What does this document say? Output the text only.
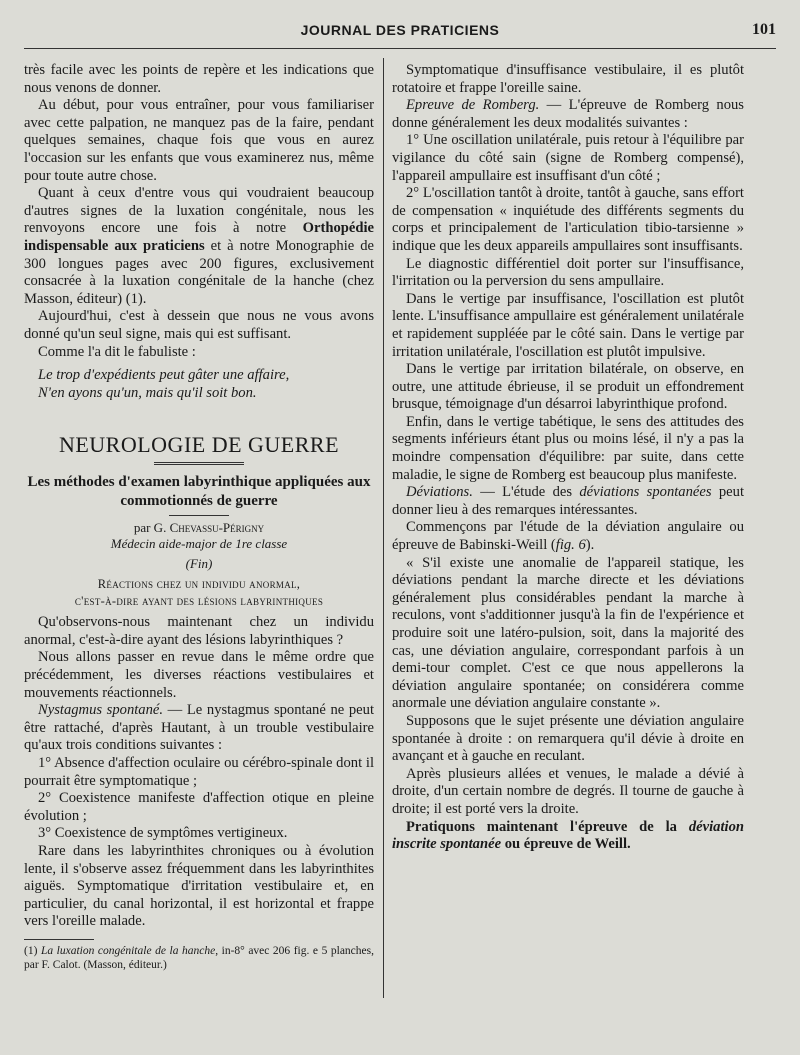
JOURNAL DES PRATICIENS	101

très facile avec les points de repère et les indications que nous venons de donner.

Au début, pour vous entraîner, pour vous familiariser avec cette palpation, ne manquez pas de la faire, pendant quelques semaines, chaque fois que vous en aurez l'occasion sur les enfants que vous examinerez nus, même pour toute autre chose.

Quant à ceux d'entre vous qui voudraient beaucoup d'autres signes de la luxation congénitale, nous les renvoyons encore une fois à notre Orthopédie indispensable aux praticiens et à notre Monographie de 300 longues pages avec 200 figures, exclusivement consacrée à la luxation congénitale de la hanche (chez Masson, éditeur) (1).

Aujourd'hui, c'est à dessein que nous ne vous avons donné qu'un seul signe, mais qui est suffisant.

Comme l'a dit le fabuliste :

Le trop d'expédients peut gâter une affaire,
N'en ayons qu'un, mais qu'il soit bon.
NEUROLOGIE DE GUERRE
Les méthodes d'examen labyrinthique appliquées aux commotionnés de guerre
par G. Chevassu-Périgny
Médecin aide-major de 1re classe
(Fin)
Réactions chez un individu anormal,
c'est-à-dire ayant des lésions labyrinthiques

Qu'observons-nous maintenant chez un individu anormal, c'est-à-dire ayant des lésions labyrinthiques ?

Nous allons passer en revue dans le même ordre que précédemment, les diverses réactions vestibulaires et mouvements réactionnels.

Nystagmus spontané. — Le nystagmus spontané ne peut être rattaché, d'après Hautant, à un trouble vestibulaire qu'aux trois conditions suivantes :

1° Absence d'affection oculaire ou cérébro-spinale dont il pourrait être symptomatique ;

2° Coexistence manifeste d'affection otique en pleine évolution ;

3° Coexistence de symptômes vertigineux.

Rare dans les labyrinthites chroniques ou à évolution lente, il s'observe assez fréquemment dans les labyrinthites aiguës. Symptomatique d'irritation vestibulaire et, en particulier, du canal horizontal, il est horizontal et frappe vers l'oreille malade.

(1) La luxation congénitale de la hanche, in-8° avec 206 fig. e 5 planches, par F. Calot. (Masson, éditeur.)

Symptomatique d'insuffisance vestibulaire, il es plutôt rotatoire et frappe l'oreille saine.

Epreuve de Romberg. — L'épreuve de Romberg nous donne généralement les deux modalités suivantes :

1° Une oscillation unilatérale, puis retour à l'équilibre par vigilance du côté sain (signe de Romberg compensé), l'appareil ampullaire est insuffisant d'un côté ;

2° L'oscillation tantôt à droite, tantôt à gauche, sans effort de compensation « inquiétude des différents segments du corps et principalement de l'articulation tibio-tarsienne » indique que les deux appareils ampullaires sont insuffisants.

Le diagnostic différentiel doit porter sur l'insuffisance, l'irritation ou la perversion du sens ampullaire.

Dans le vertige par insuffisance, l'oscillation est plutôt lente. L'insuffisance ampullaire est généralement unilatérale et rapidement suppléée par le côté sain. Dans le vertige par irritation unilatérale, l'oscillation est plutôt impulsive.

Dans le vertige par irritation bilatérale, on observe, en outre, une attitude ébrieuse, il se produit un effondrement brusque, témoignage d'un désarroi labyrinthique profond.

Enfin, dans le vertige tabétique, le sens des attitudes des segments inférieurs étant plus ou moins lésé, il n'y a pas la moindre compensation d'équilibre: par suite, dans cette maladie, le signe de Romberg est beaucoup plus manifeste.

Déviations. — L'étude des déviations spontanées peut donner lieu à des remarques intéressantes.

Commençons par l'étude de la déviation angulaire ou épreuve de Babinski-Weill (fig. 6).

« S'il existe une anomalie de l'appareil statique, les déviations pendant la marche directe et les déviations généralement plus considérables pendant la marche à reculons, vont s'additionner jusqu'à la fin de l'expérience et produire soit une latéro-pulsion, soit, dans la majorité des cas, une déviation angulaire, correspondant parfois à un demi-tour complet. C'est ce que nous appellerons la déviation angulaire spontanée; on considérera comme anormale une déviation angulaire constante ».

Supposons que le sujet présente une déviation angulaire spontanée à droite : on remarquera qu'il dévie à droite en avançant et à gauche en reculant.

Après plusieurs allées et venues, le malade a dévié à droite, d'un certain nombre de degrés. Il tourne de gauche à droite; il est porté vers la droite.

Pratiquons maintenant l'épreuve de la déviation inscrite spontanée ou épreuve de Weill.
